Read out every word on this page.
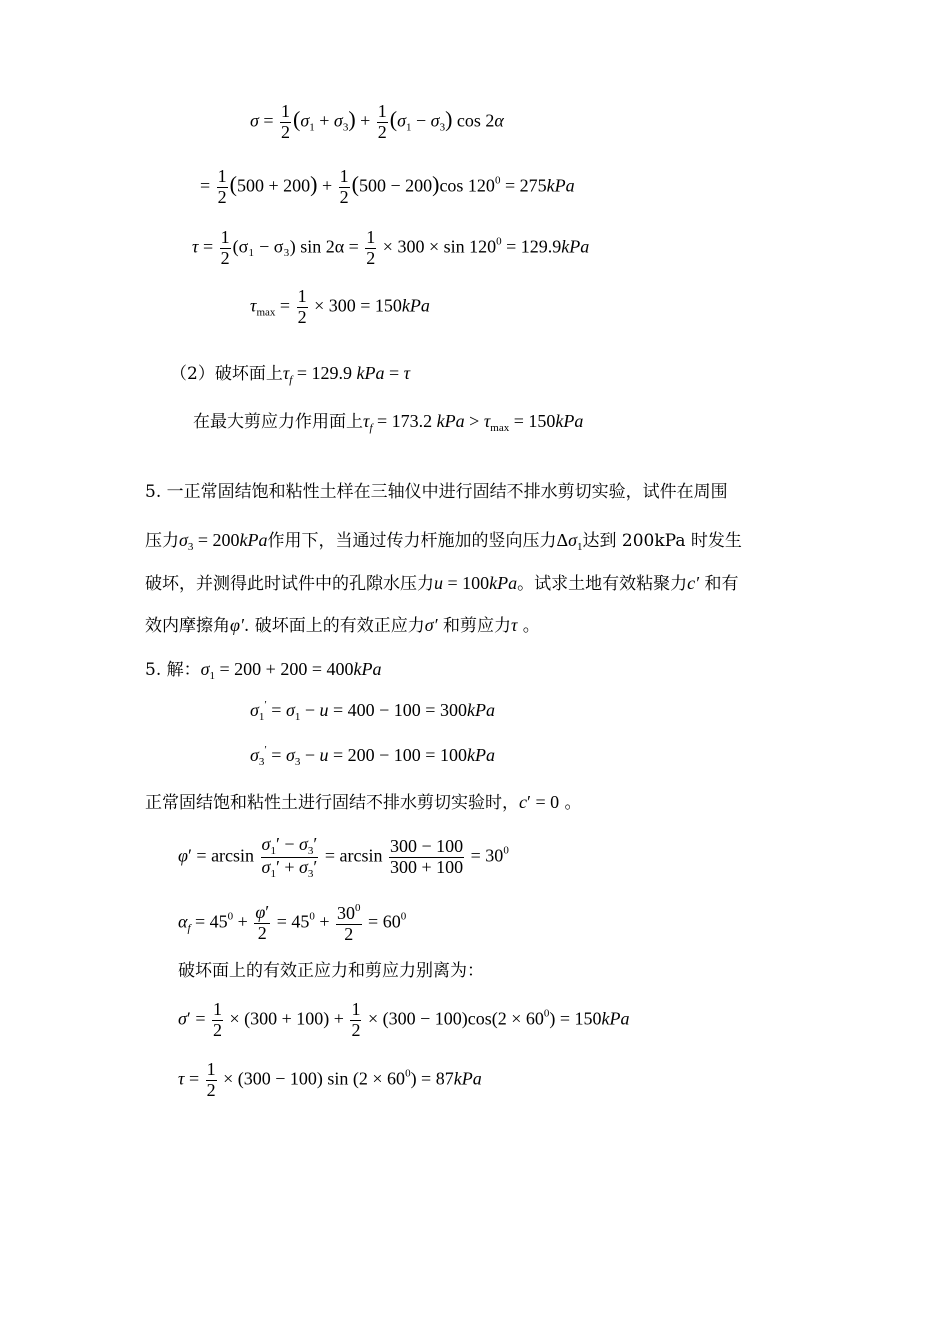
$\sigma = \frac{1}{2} (\sigma_1 + \sigma_3) + \frac{1}{2} (\sigma_1 - \sigma_3)$ cos 2α
= $\frac{1}{2} (500 + 200) + \frac{1}{2} (500 - 200)\cos$ $120^0 = 275kPa$
$\tau = \frac{1}{2} (\sigma_1 - \sigma_3)$ $\sin 2\alpha = \frac{1}{2} \times 300 \times \sin 120^0 = 129.9kPa$
$\tau_{max} = \frac{1}{2} \times 300 = 150kPa$
（2）破坏面上$\tau_f = 129.9$ kPa = τ
在最大剪应力作用面上$\tau_f = 173.2$ kPa > $\tau_{max} = 150kPa$
5. 一正常固结饱和粘性土样在三轴仪中进行固结不排水剪切实验，试件在周围
压力$\sigma_3 = 200kPa$作用下，当通过传力杆施加的竖向压力$\Delta\sigma_1$达到 200kPa 时发生
破坏，并测得此时试件中的孔隙水压力u = 100kPa。试求土地有效粘聚力c′ 和有
效内摩擦角φ′. 破坏面上的有效正应力σ′ 和剪应力τ 。
5. 解：$\sigma_1 = 200 + 200 = 400kPa$
$\sigma_1' = \sigma_1 - u = 400 - 100 = 300kPa$
$\sigma_3' = \sigma_3 - u = 200 - 100 = 100kPa$
正常固结饱和粘性土进行固结不排水剪切实验时，c′ = 0 。
$\varphi' = \arcsin \frac{\sigma_1' - \sigma_3'}{\sigma_1' + \sigma_3'} = \arcsin \frac{300 - 100}{300 + 100} = 30^0$
$\alpha_f = 45^0 + \frac{\varphi'}{2} = 45^0 + \frac{30^0}{2} = 60^0$
破坏面上的有效正应力和剪应力别离为：
$\sigma' = \frac{1}{2} \times (300 + 100) + \frac{1}{2} \times (300 - 100)\cos(2 \times 60^0) = 150kPa$
$\tau = \frac{1}{2} \times (300 - 100)$ $\sin (2 \times 60^0) = 87kPa$
